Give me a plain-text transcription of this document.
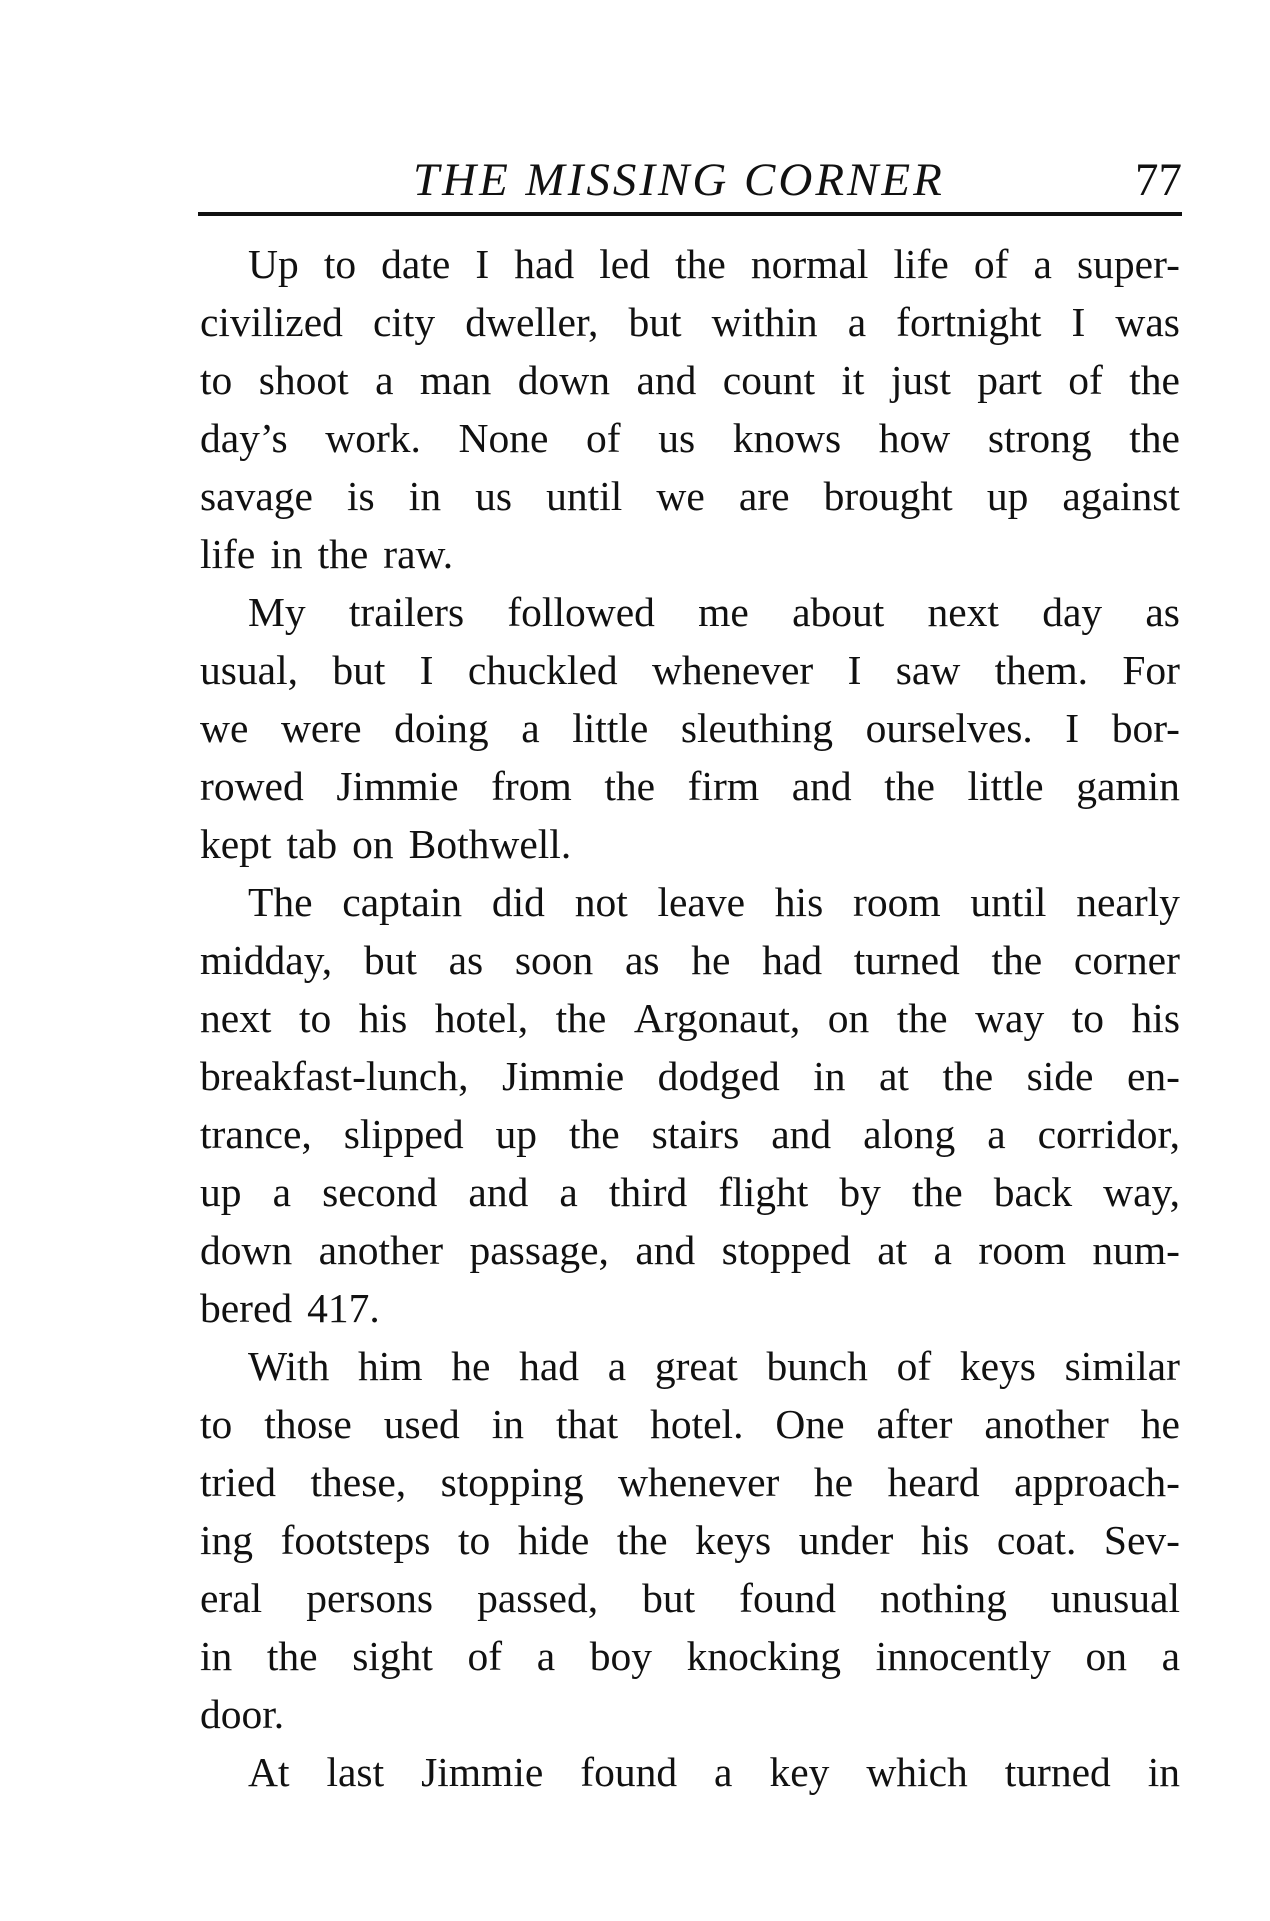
THE MISSING CORNER	77
Up to date I had led the normal life of a super-
civilized city dweller, but within a fortnight I was
to shoot a man down and count it just part of the
day’s work. None of us knows how strong the
savage is in us until we are brought up against
life in the raw.
My trailers followed me about next day as
usual, but I chuckled whenever I saw them. For
we were doing a little sleuthing ourselves. I bor-
rowed Jimmie from the firm and the little gamin
kept tab on Bothwell.
The captain did not leave his room until nearly
midday, but as soon as he had turned the corner
next to his hotel, the Argonaut, on the way to his
breakfast-lunch, Jimmie dodged in at the side en-
trance, slipped up the stairs and along a corridor,
up a second and a third flight by the back way,
down another passage, and stopped at a room num-
bered 417.
With him he had a great bunch of keys similar
to those used in that hotel. One after another he
tried these, stopping whenever he heard approach-
ing footsteps to hide the keys under his coat. Sev-
eral persons passed, but found nothing unusual
in the sight of a boy knocking innocently on a
door.
At last Jimmie found a key which turned in
